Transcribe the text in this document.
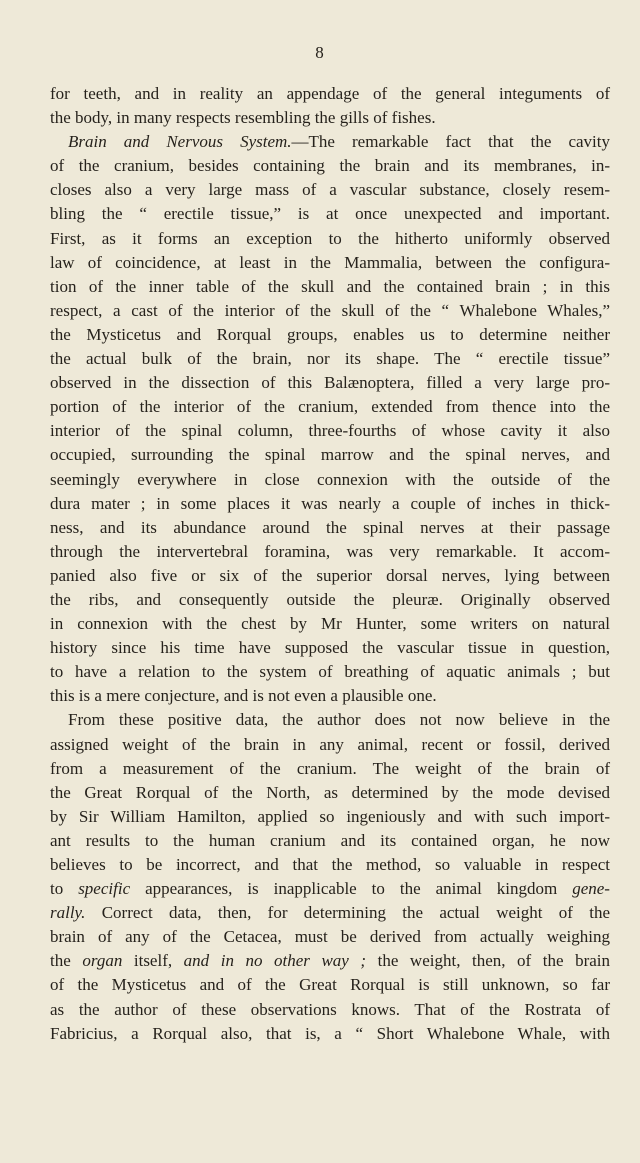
8
for teeth, and in reality an appendage of the general integuments of
the body, in many respects resembling the gills of fishes.
Brain and Nervous System.—The remarkable fact that the cavity
of the cranium, besides containing the brain and its membranes, in-
closes also a very large mass of a vascular substance, closely resem-
bling the “ erectile tissue,” is at once unexpected and important.
First, as it forms an exception to the hitherto uniformly observed
law of coincidence, at least in the Mammalia, between the configura-
tion of the inner table of the skull and the contained brain ; in this
respect, a cast of the interior of the skull of the “ Whalebone Whales,”
the Mysticetus and Rorqual groups, enables us to determine neither
the actual bulk of the brain, nor its shape. The “ erectile tissue”
observed in the dissection of this Balænoptera, filled a very large pro-
portion of the interior of the cranium, extended from thence into the
interior of the spinal column, three-fourths of whose cavity it also
occupied, surrounding the spinal marrow and the spinal nerves, and
seemingly everywhere in close connexion with the outside of the
dura mater ; in some places it was nearly a couple of inches in thick-
ness, and its abundance around the spinal nerves at their passage
through the intervertebral foramina, was very remarkable. It accom-
panied also five or six of the superior dorsal nerves, lying between
the ribs, and consequently outside the pleuræ. Originally observed
in connexion with the chest by Mr Hunter, some writers on natural
history since his time have supposed the vascular tissue in question,
to have a relation to the system of breathing of aquatic animals ; but
this is a mere conjecture, and is not even a plausible one.
From these positive data, the author does not now believe in the
assigned weight of the brain in any animal, recent or fossil, derived
from a measurement of the cranium. The weight of the brain of
the Great Rorqual of the North, as determined by the mode devised
by Sir William Hamilton, applied so ingeniously and with such import-
ant results to the human cranium and its contained organ, he now
believes to be incorrect, and that the method, so valuable in respect
to specific appearances, is inapplicable to the animal kingdom gene-
rally. Correct data, then, for determining the actual weight of the
brain of any of the Cetacea, must be derived from actually weighing
the organ itself, and in no other way ; the weight, then, of the brain
of the Mysticetus and of the Great Rorqual is still unknown, so far
as the author of these observations knows. That of the Rostrata of
Fabricius, a Rorqual also, that is, a “ Short Whalebone Whale, with
